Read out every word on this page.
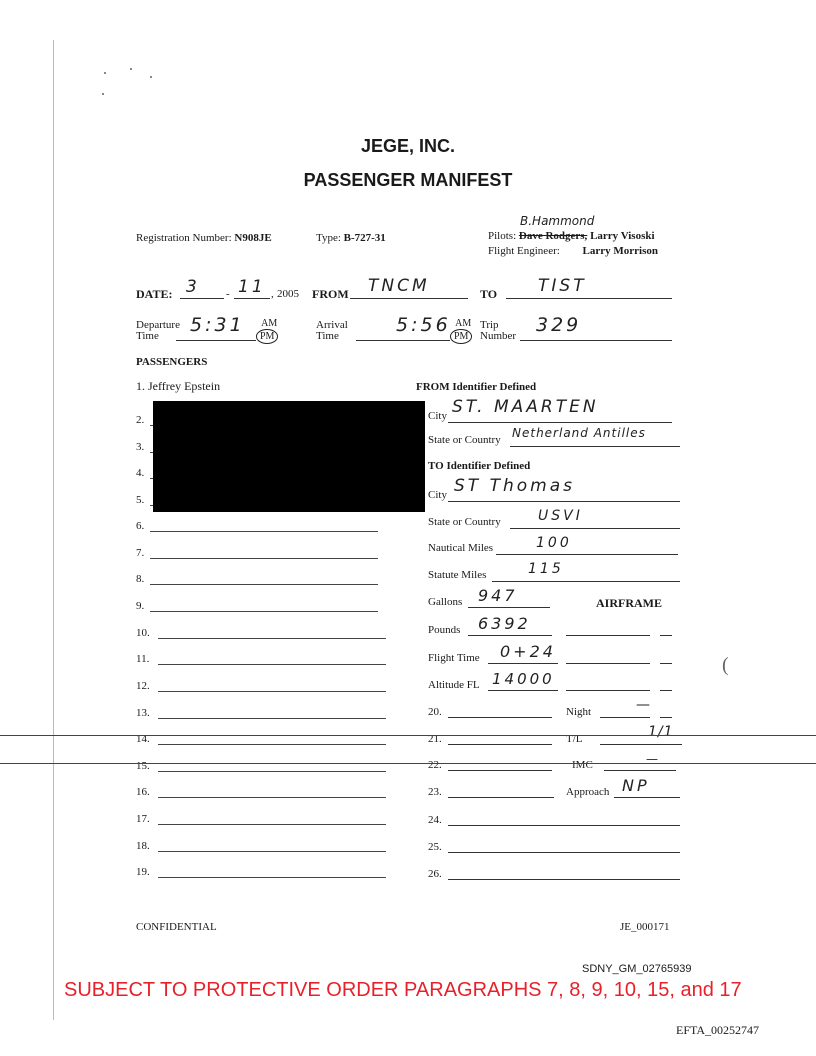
JEGE, INC.
PASSENGER MANIFEST
Registration Number: N908JE	Type: B-727-31
B.Hammond
Pilots: Dave Rodgers, Larry Visoski
Flight Engineer: Larry Morrison
DATE: 3 - 11 , 2005 FROM TNCM	TO TIST
Departure
Time	5:31 AM
PM
Arrival
Time	5:56 AM
PM
Trip
Number 329
PASSENGERS
1. Jeffrey Epstein
2.
3.
4.
5.
6.
7.
8.
9.
10.
11.
12.
13.
14.
15.
16.
17.
18.
19.
FROM Identifier Defined
City ST. MAARTEN
State or Country Netherland Antilles
TO Identifier Defined
City ST Thomas
State or Country	USVI
Nautical Miles	100
Statute Miles	115
Gallons 947	AIRFRAME
Pounds 6392
Flight Time 0+24
Altitude FL 14000
20.	Night	—
21.	T/L	1/1
22.	IMC	—
23.	Approach NP
24.
25.
26.
(
CONFIDENTIAL	JE_000171
SDNY_GM_02765939
SUBJECT TO PROTECTIVE ORDER PARAGRAPHS 7, 8, 9, 10, 15, and 17
EFTA_00252747
